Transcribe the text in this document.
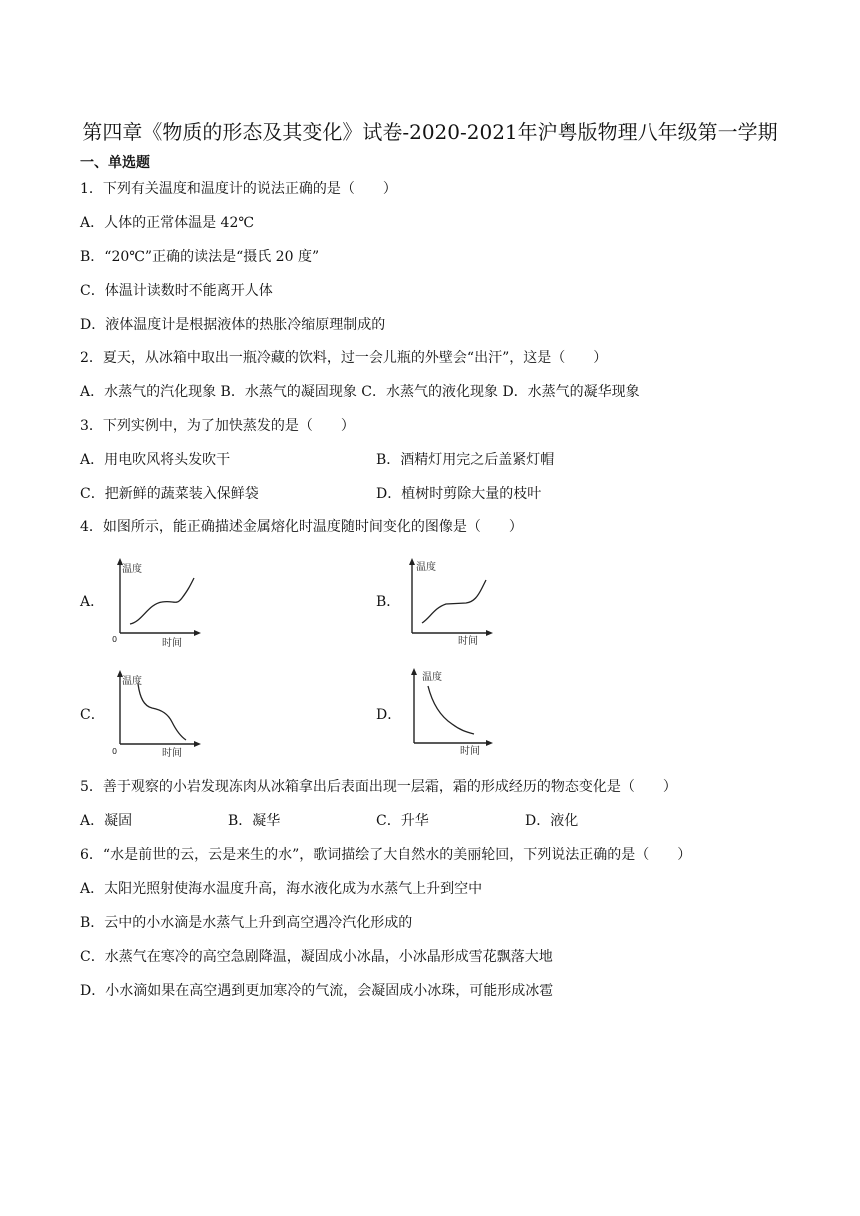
第四章《物质的形态及其变化》试卷-2020-2021年沪粤版物理八年级第一学期
一、单选题
1．下列有关温度和温度计的说法正确的是（　　）
A．人体的正常体温是 42℃
B．“20℃”正确的读法是“摄氏 20 度”
C．体温计读数时不能离开人体
D．液体温度计是根据液体的热胀冷缩原理制成的
2．夏天，从冰箱中取出一瓶冷藏的饮料，过一会儿瓶的外壁会“出汗”，这是（　　）
A．水蒸气的汽化现象 B．水蒸气的凝固现象 C．水蒸气的液化现象 D．水蒸气的凝华现象
3．下列实例中，为了加快蒸发的是（　　）
A．用电吹风将头发吹干	B．酒精灯用完之后盖紧灯帽
C．把新鲜的蔬菜装入保鲜袋	D．植树时剪除大量的枝叶
4．如图所示，能正确描述金属熔化时温度随时间变化的图像是（　　）
A．
温度
时间
0
B．
温度
时间
C．
温度
时间
0
D．
温度
时间
5．善于观察的小岩发现冻肉从冰箱拿出后表面出现一层霜，霜的形成经历的物态变化是（　　）
A．凝固	B．凝华	C．升华	D．液化
6．“水是前世的云，云是来生的水”，歌词描绘了大自然水的美丽轮回，下列说法正确的是（　　）
A．太阳光照射使海水温度升高，海水液化成为水蒸气上升到空中
B．云中的小水滴是水蒸气上升到高空遇冷汽化形成的
C．水蒸气在寒冷的高空急剧降温，凝固成小冰晶，小冰晶形成雪花飘落大地
D．小水滴如果在高空遇到更加寒冷的气流，会凝固成小冰珠，可能形成冰雹
